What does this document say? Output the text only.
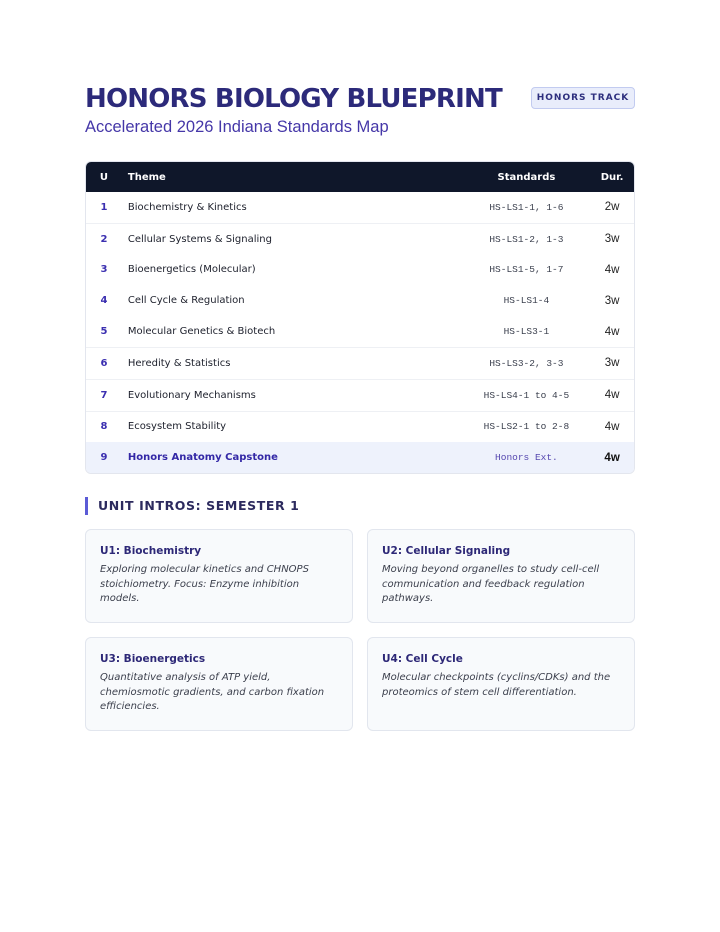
HONORS BIOLOGY BLUEPRINT
Accelerated 2026 Indiana Standards Map
HONORS TRACK
U	Theme	Standards	Dur.
1	Biochemistry & Kinetics	HS-LS1-1, 1-6	2w
2	Cellular Systems & Signaling	HS-LS1-2, 1-3	3w
3	Bioenergetics (Molecular)	HS-LS1-5, 1-7	4w
4	Cell Cycle & Regulation	HS-LS1-4	3w
5	Molecular Genetics & Biotech	HS-LS3-1	4w
6	Heredity & Statistics	HS-LS3-2, 3-3	3w
7	Evolutionary Mechanisms	HS-LS4-1 to 4-5	4w
8	Ecosystem Stability	HS-LS2-1 to 2-8	4w
9	Honors Anatomy Capstone	Honors Ext.	4w
UNIT INTROS: SEMESTER 1
U1: Biochemistry
Exploring molecular kinetics and CHNOPS stoichiometry. Focus: Enzyme inhibition models.
U2: Cellular Signaling
Moving beyond organelles to study cell-cell communication and feedback regulation pathways.
U3: Bioenergetics
Quantitative analysis of ATP yield, chemiosmotic gradients, and carbon fixation efficiencies.
U4: Cell Cycle
Molecular checkpoints (cyclins/CDKs) and the proteomics of stem cell differentiation.
